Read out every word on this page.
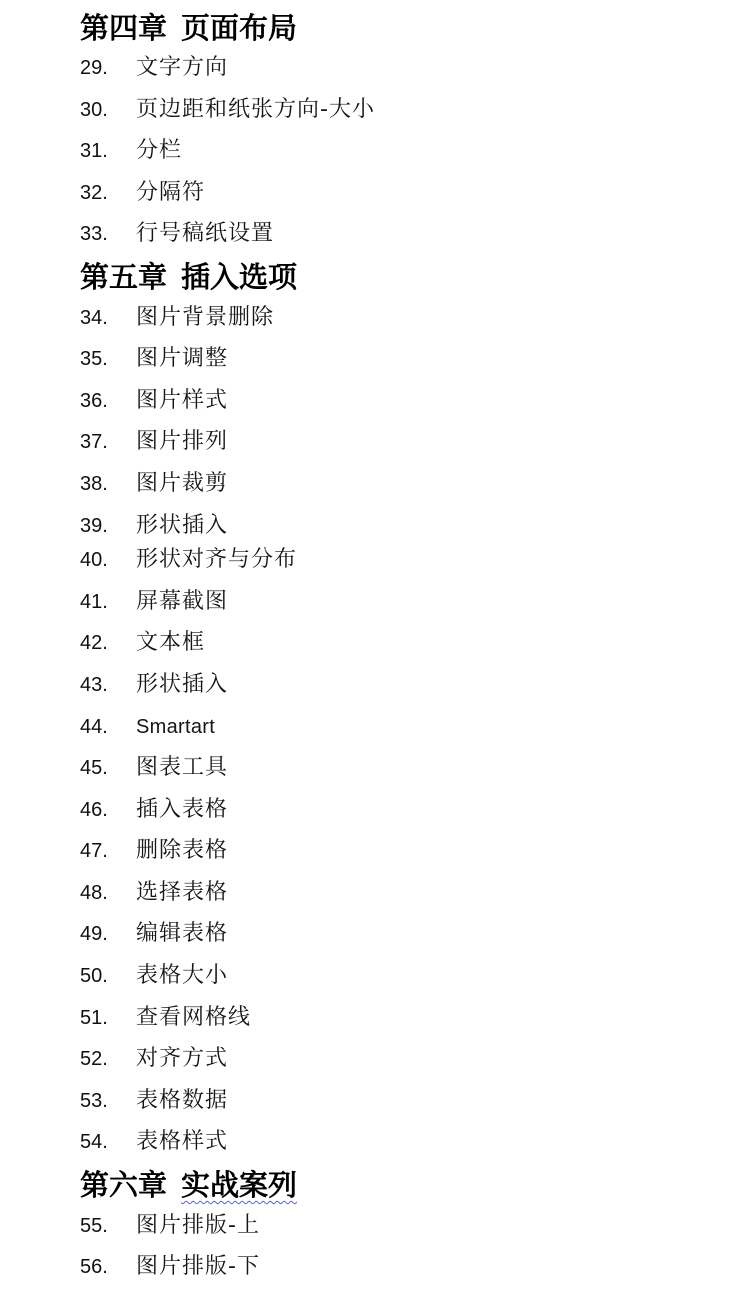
第四章 页面布局
29. 文字方向
30. 页边距和纸张方向-大小
31. 分栏
32. 分隔符
33. 行号稿纸设置
第五章 插入选项
34. 图片背景删除
35. 图片调整
36. 图片样式
37. 图片排列
38. 图片裁剪
39. 形状插入
40. 形状对齐与分布
41. 屏幕截图
42. 文本框
43. 形状插入
44. Smartart
45. 图表工具
46. 插入表格
47. 删除表格
48. 选择表格
49. 编辑表格
50. 表格大小
51. 查看网格线
52. 对齐方式
53. 表格数据
54. 表格样式
第六章 实战案列
55. 图片排版-上
56. 图片排版-下
